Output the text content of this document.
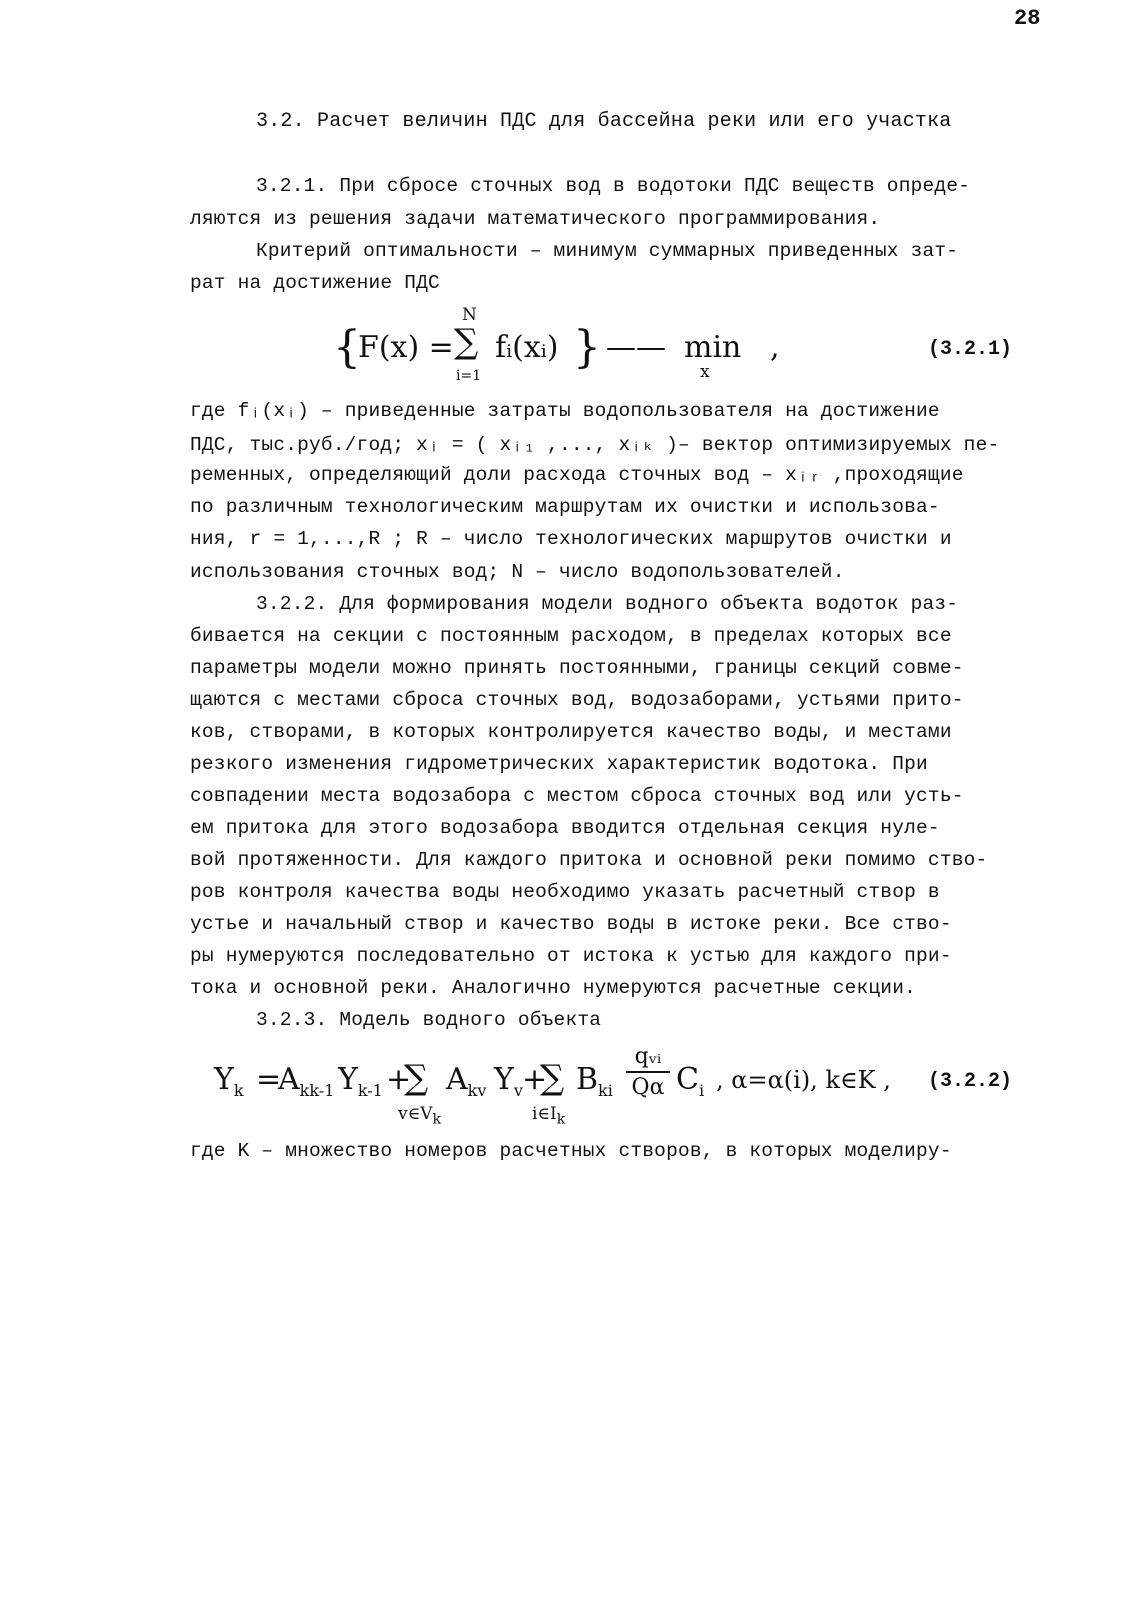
28
3.2. Расчет величин ПДС для бассейна реки или его участка
3.2.1. При сбросе сточных вод в водотоки ПДС веществ опреде-
ляются из решения задачи математического программирования.
Критерий оптимальности – минимум суммарных приведенных зат-
рат на достижение ПДС
{
F(x) =
N
∑
i=1
fᵢ(xᵢ) } —— min
x
,	(3.2.1)
где fᵢ(xᵢ) – приведенные затраты водопользователя на достижение
ПДС, тыс.руб./год; xᵢ = ( xᵢ₁ ,..., xᵢₖ )– вектор оптимизируемых пе-
ременных, определяющий доли расхода сточных вод – xᵢᵣ ,проходящие
по различным технологическим маршрутам их очистки и использова-
ния, r = 1,...,R ; R – число технологических маршрутов очистки и
использования сточных вод; N – число водопользователей.
3.2.2. Для формирования модели водного объекта водоток раз-
бивается на секции с постоянным расходом, в пределах которых все
параметры модели можно принять постоянными, границы секций совме-
щаются с местами сброса сточных вод, водозаборами, устьями прито-
ков, створами, в которых контролируется качество воды, и местами
резкого изменения гидрометрических характеристик водотока. При
совпадении места водозабора с местом сброса сточных вод или усть-
ем притока для этого водозабора вводится отдельная секция нуле-
вой протяженности. Для каждого притока и основной реки помимо ство-
ров контроля качества воды необходимо указать расчетный створ в
устье и начальный створ и качество воды в истоке реки. Все ство-
ры нумеруются последовательно от истока к устью для каждого при-
тока и основной реки. Аналогично нумеруются расчетные секции.
3.2.3. Модель водного объекта
$Y_k$ =
$A_{kk-1}$ $Y_{k-1}$ +
∑
$v\in V_k$
$A_{kv}$ $Y_v$ +
∑
$i\in I_k$
$B_{ki}$
qᵥᵢ
Qα $C_i$ , α=α(i), k∈K , (3.2.2)
где K – множество номеров расчетных створов, в которых моделиру-
